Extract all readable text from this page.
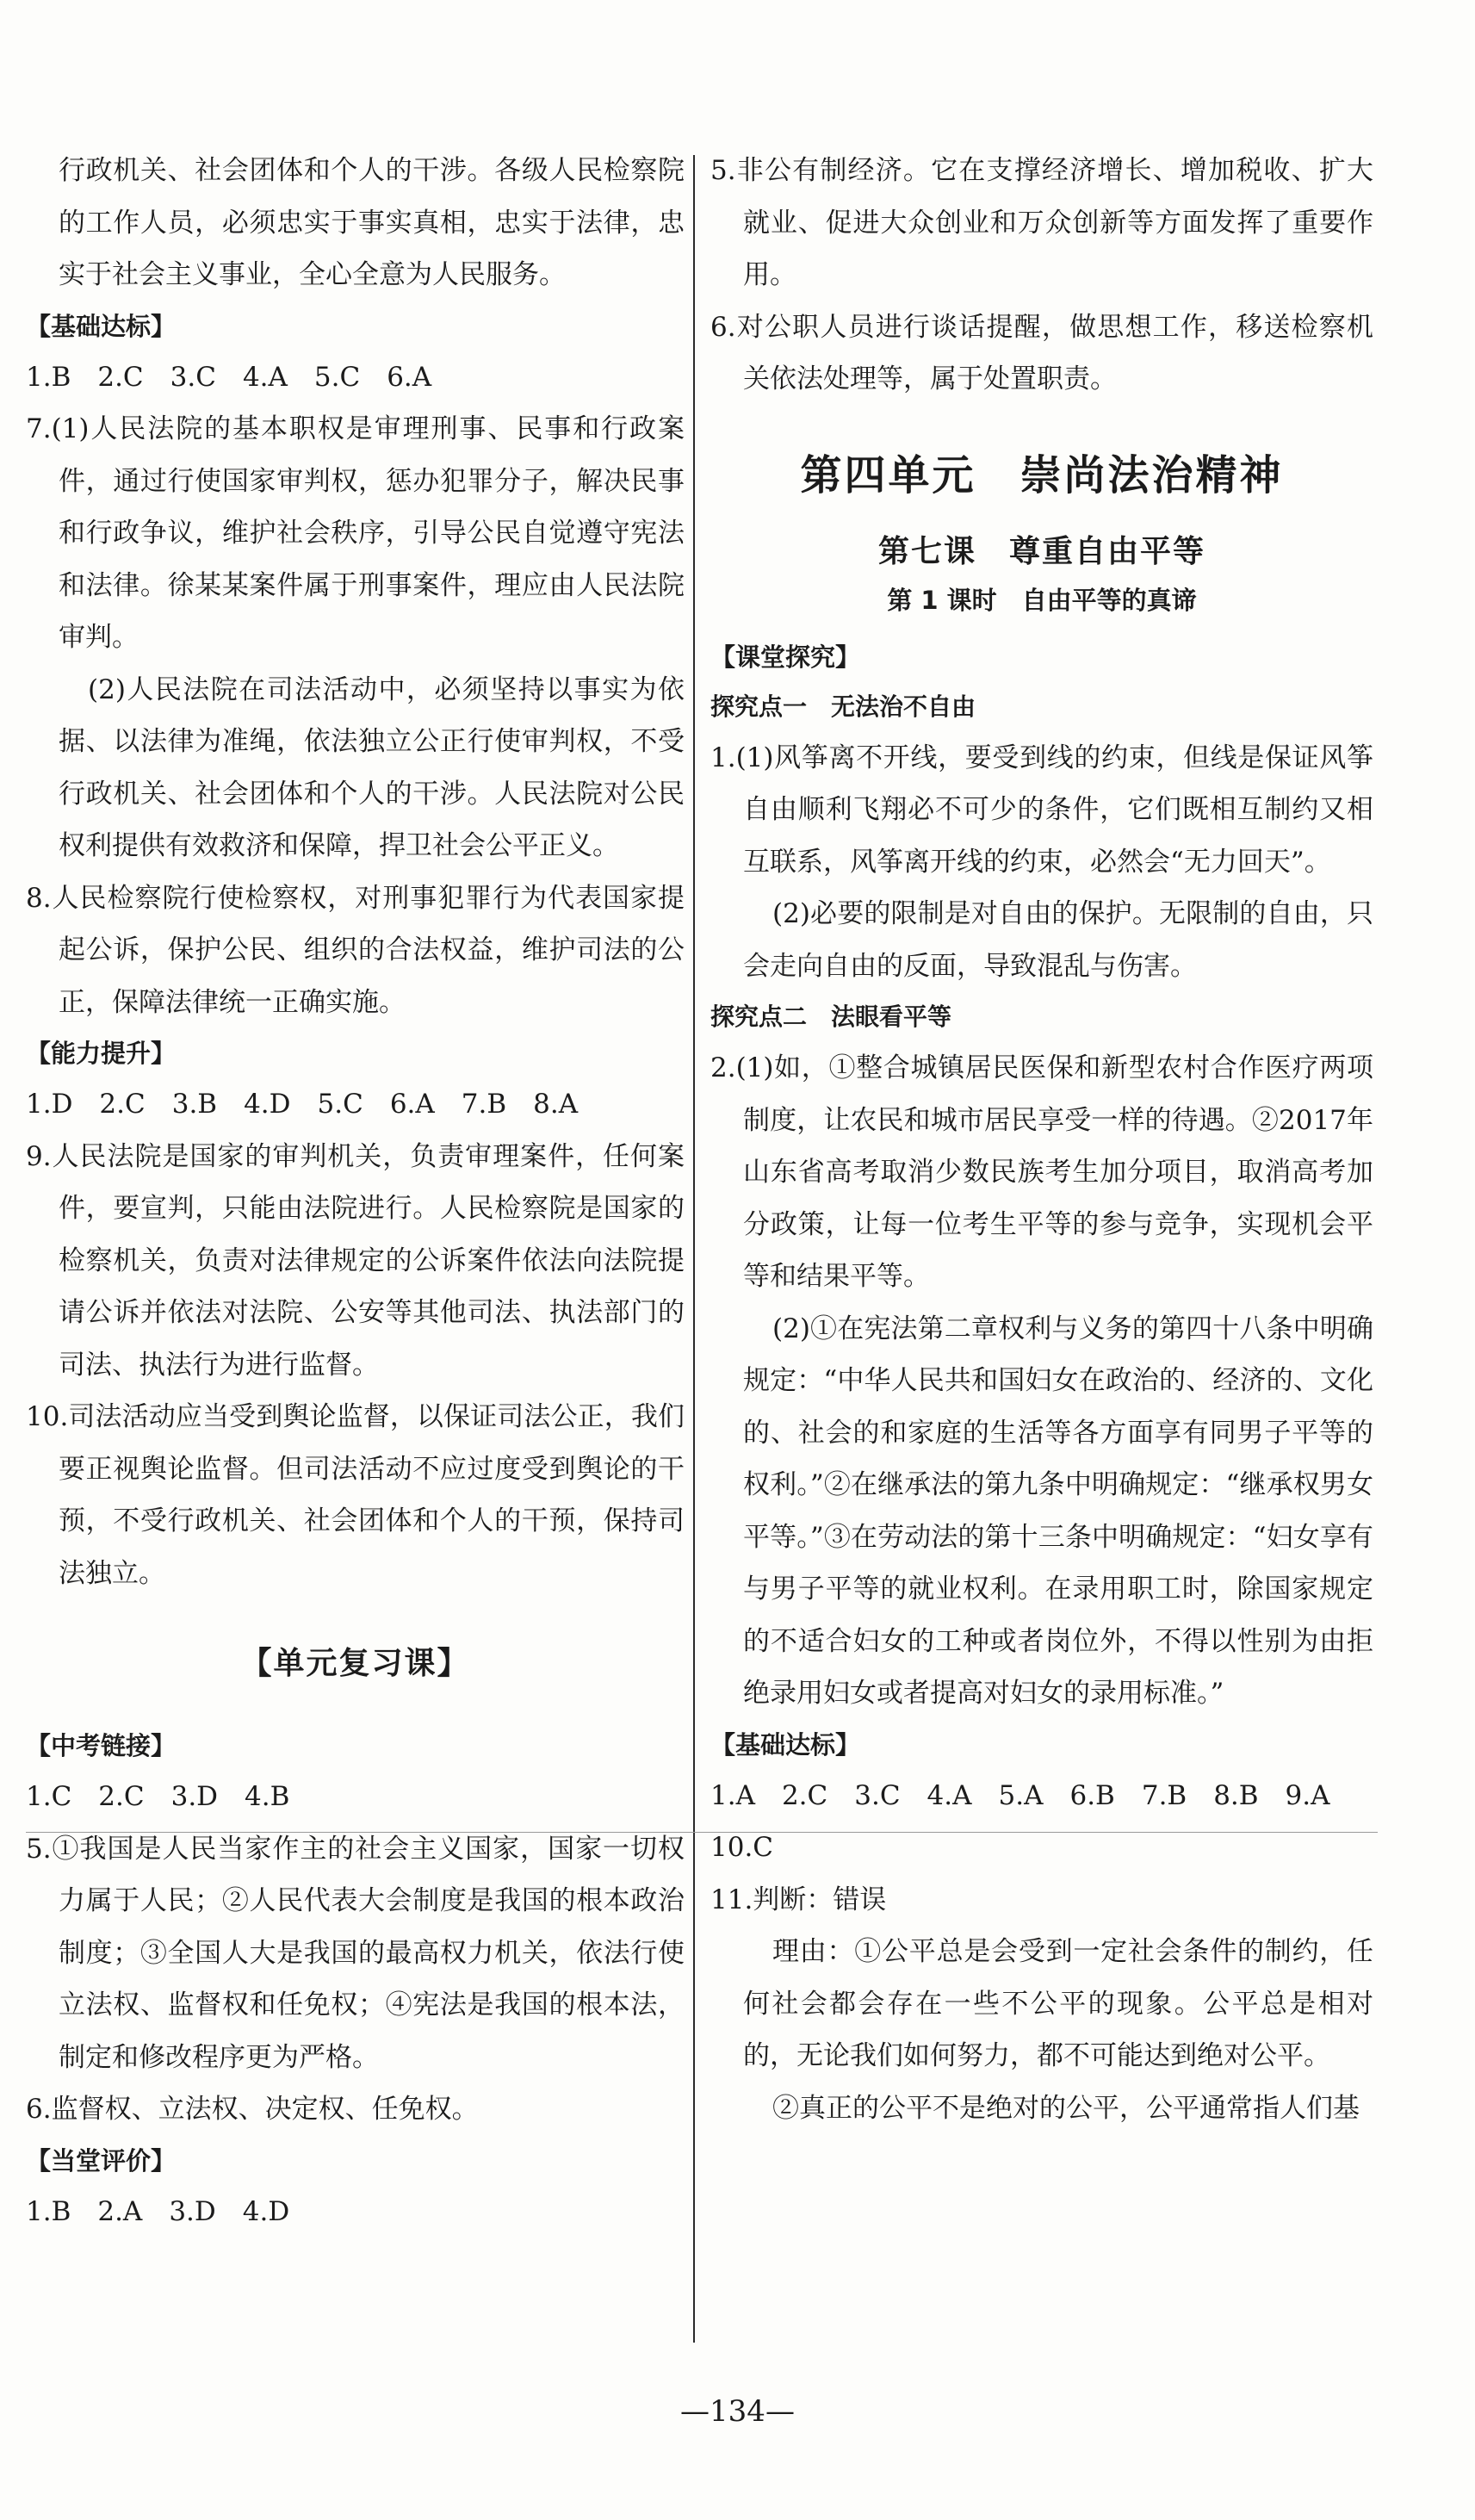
行政机关、社会团体和个人的干涉。各级人民检察院的工作人员，必须忠实于事实真相，忠实于法律，忠实于社会主义事业，全心全意为人民服务。

【基础达标】

1.B　2.C　3.C　4.A　5.C　6.A

7.(1)人民法院的基本职权是审理刑事、民事和行政案件，通过行使国家审判权，惩办犯罪分子，解决民事和行政争议，维护社会秩序，引导公民自觉遵守宪法和法律。徐某某案件属于刑事案件，理应由人民法院审判。

(2)人民法院在司法活动中，必须坚持以事实为依据、以法律为准绳，依法独立公正行使审判权，不受行政机关、社会团体和个人的干涉。人民法院对公民权利提供有效救济和保障，捍卫社会公平正义。

8.人民检察院行使检察权，对刑事犯罪行为代表国家提起公诉，保护公民、组织的合法权益，维护司法的公正，保障法律统一正确实施。

【能力提升】

1.D　2.C　3.B　4.D　5.C　6.A　7.B　8.A

9.人民法院是国家的审判机关，负责审理案件，任何案件，要宣判，只能由法院进行。人民检察院是国家的检察机关，负责对法律规定的公诉案件依法向法院提请公诉并依法对法院、公安等其他司法、执法部门的司法、执法行为进行监督。

10.司法活动应当受到舆论监督，以保证司法公正，我们要正视舆论监督。但司法活动不应过度受到舆论的干预，不受行政机关、社会团体和个人的干预，保持司法独立。

【单元复习课】

【中考链接】

1.C　2.C　3.D　4.B

5.①我国是人民当家作主的社会主义国家，国家一切权力属于人民；②人民代表大会制度是我国的根本政治制度；③全国人大是我国的最高权力机关，依法行使立法权、监督权和任免权；④宪法是我国的根本法，制定和修改程序更为严格。

6.监督权、立法权、决定权、任免权。

【当堂评价】

1.B　2.A　3.D　4.D

5.非公有制经济。它在支撑经济增长、增加税收、扩大就业、促进大众创业和万众创新等方面发挥了重要作用。

6.对公职人员进行谈话提醒，做思想工作，移送检察机关依法处理等，属于处置职责。

第四单元　崇尚法治精神
第七课　尊重自由平等
第 1 课时　自由平等的真谛

【课堂探究】

探究点一　无法治不自由

1.(1)风筝离不开线，要受到线的约束，但线是保证风筝自由顺利飞翔必不可少的条件，它们既相互制约又相互联系，风筝离开线的约束，必然会“无力回天”。

(2)必要的限制是对自由的保护。无限制的自由，只会走向自由的反面，导致混乱与伤害。

探究点二　法眼看平等

2.(1)如，①整合城镇居民医保和新型农村合作医疗两项制度，让农民和城市居民享受一样的待遇。②2017年山东省高考取消少数民族考生加分项目，取消高考加分政策，让每一位考生平等的参与竞争，实现机会平等和结果平等。

(2)①在宪法第二章权利与义务的第四十八条中明确规定：“中华人民共和国妇女在政治的、经济的、文化的、社会的和家庭的生活等各方面享有同男子平等的权利。”②在继承法的第九条中明确规定：“继承权男女平等。”③在劳动法的第十三条中明确规定：“妇女享有与男子平等的就业权利。在录用职工时，除国家规定的不适合妇女的工种或者岗位外，不得以性别为由拒绝录用妇女或者提高对妇女的录用标准。”

【基础达标】

1.A　2.C　3.C　4.A　5.A　6.B　7.B　8.B　9.A

10.C

11.判断：错误

理由：①公平总是会受到一定社会条件的制约，任何社会都会存在一些不公平的现象。公平总是相对的，无论我们如何努力，都不可能达到绝对公平。

②真正的公平不是绝对的公平，公平通常指人们基

—134—
